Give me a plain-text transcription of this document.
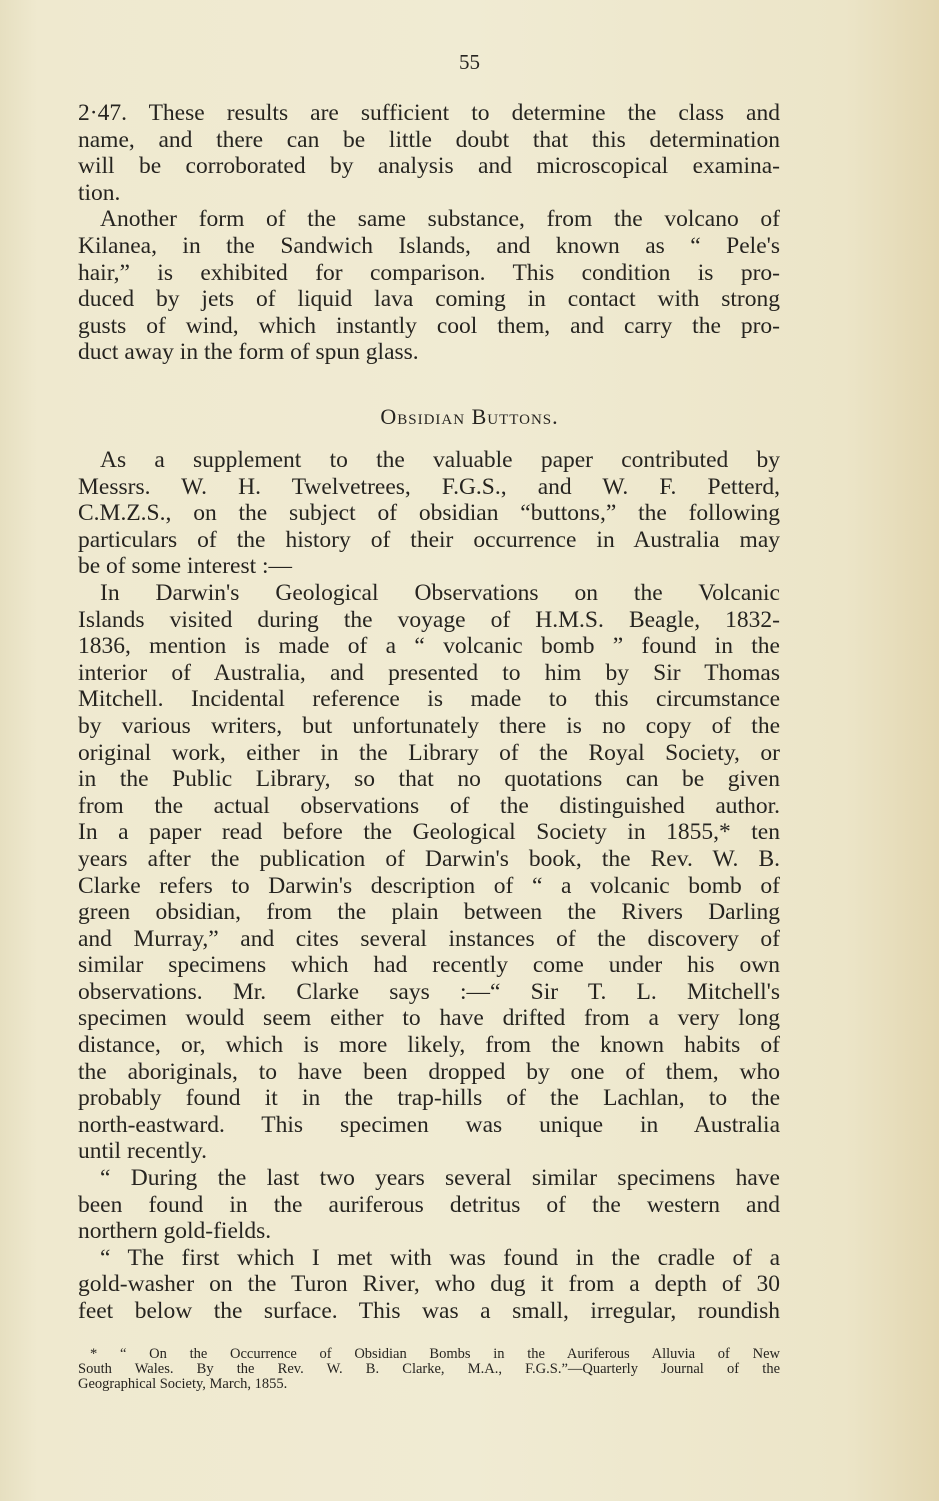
55
2·47. These results are sufficient to determine the class and
name, and there can be little doubt that this determination
will be corroborated by analysis and microscopical examina-
tion.
Another form of the same substance, from the volcano of
Kilanea, in the Sandwich Islands, and known as “ Pele's
hair,” is exhibited for comparison. This condition is pro-
duced by jets of liquid lava coming in contact with strong
gusts of wind, which instantly cool them, and carry the pro-
duct away in the form of spun glass.
Obsidian Buttons.
As a supplement to the valuable paper contributed by
Messrs. W. H. Twelvetrees, F.G.S., and W. F. Petterd,
C.M.Z.S., on the subject of obsidian “buttons,” the following
particulars of the history of their occurrence in Australia may
be of some interest :—
In Darwin's Geological Observations on the Volcanic
Islands visited during the voyage of H.M.S. Beagle, 1832-
1836, mention is made of a “ volcanic bomb ” found in the
interior of Australia, and presented to him by Sir Thomas
Mitchell. Incidental reference is made to this circumstance
by various writers, but unfortunately there is no copy of the
original work, either in the Library of the Royal Society, or
in the Public Library, so that no quotations can be given
from the actual observations of the distinguished author.
In a paper read before the Geological Society in 1855,* ten
years after the publication of Darwin's book, the Rev. W. B.
Clarke refers to Darwin's description of “ a volcanic bomb of
green obsidian, from the plain between the Rivers Darling
and Murray,” and cites several instances of the discovery of
similar specimens which had recently come under his own
observations. Mr. Clarke says :—“ Sir T. L. Mitchell's
specimen would seem either to have drifted from a very long
distance, or, which is more likely, from the known habits of
the aboriginals, to have been dropped by one of them, who
probably found it in the trap-hills of the Lachlan, to the
north-eastward. This specimen was unique in Australia
until recently.
“ During the last two years several similar specimens have
been found in the auriferous detritus of the western and
northern gold-fields.
“ The first which I met with was found in the cradle of a
gold-washer on the Turon River, who dug it from a depth of 30
feet below the surface. This was a small, irregular, roundish
* “ On the Occurrence of Obsidian Bombs in the Auriferous Alluvia of New
South Wales. By the Rev. W. B. Clarke, M.A., F.G.S.”—Quarterly Journal of the
Geographical Society, March, 1855.
